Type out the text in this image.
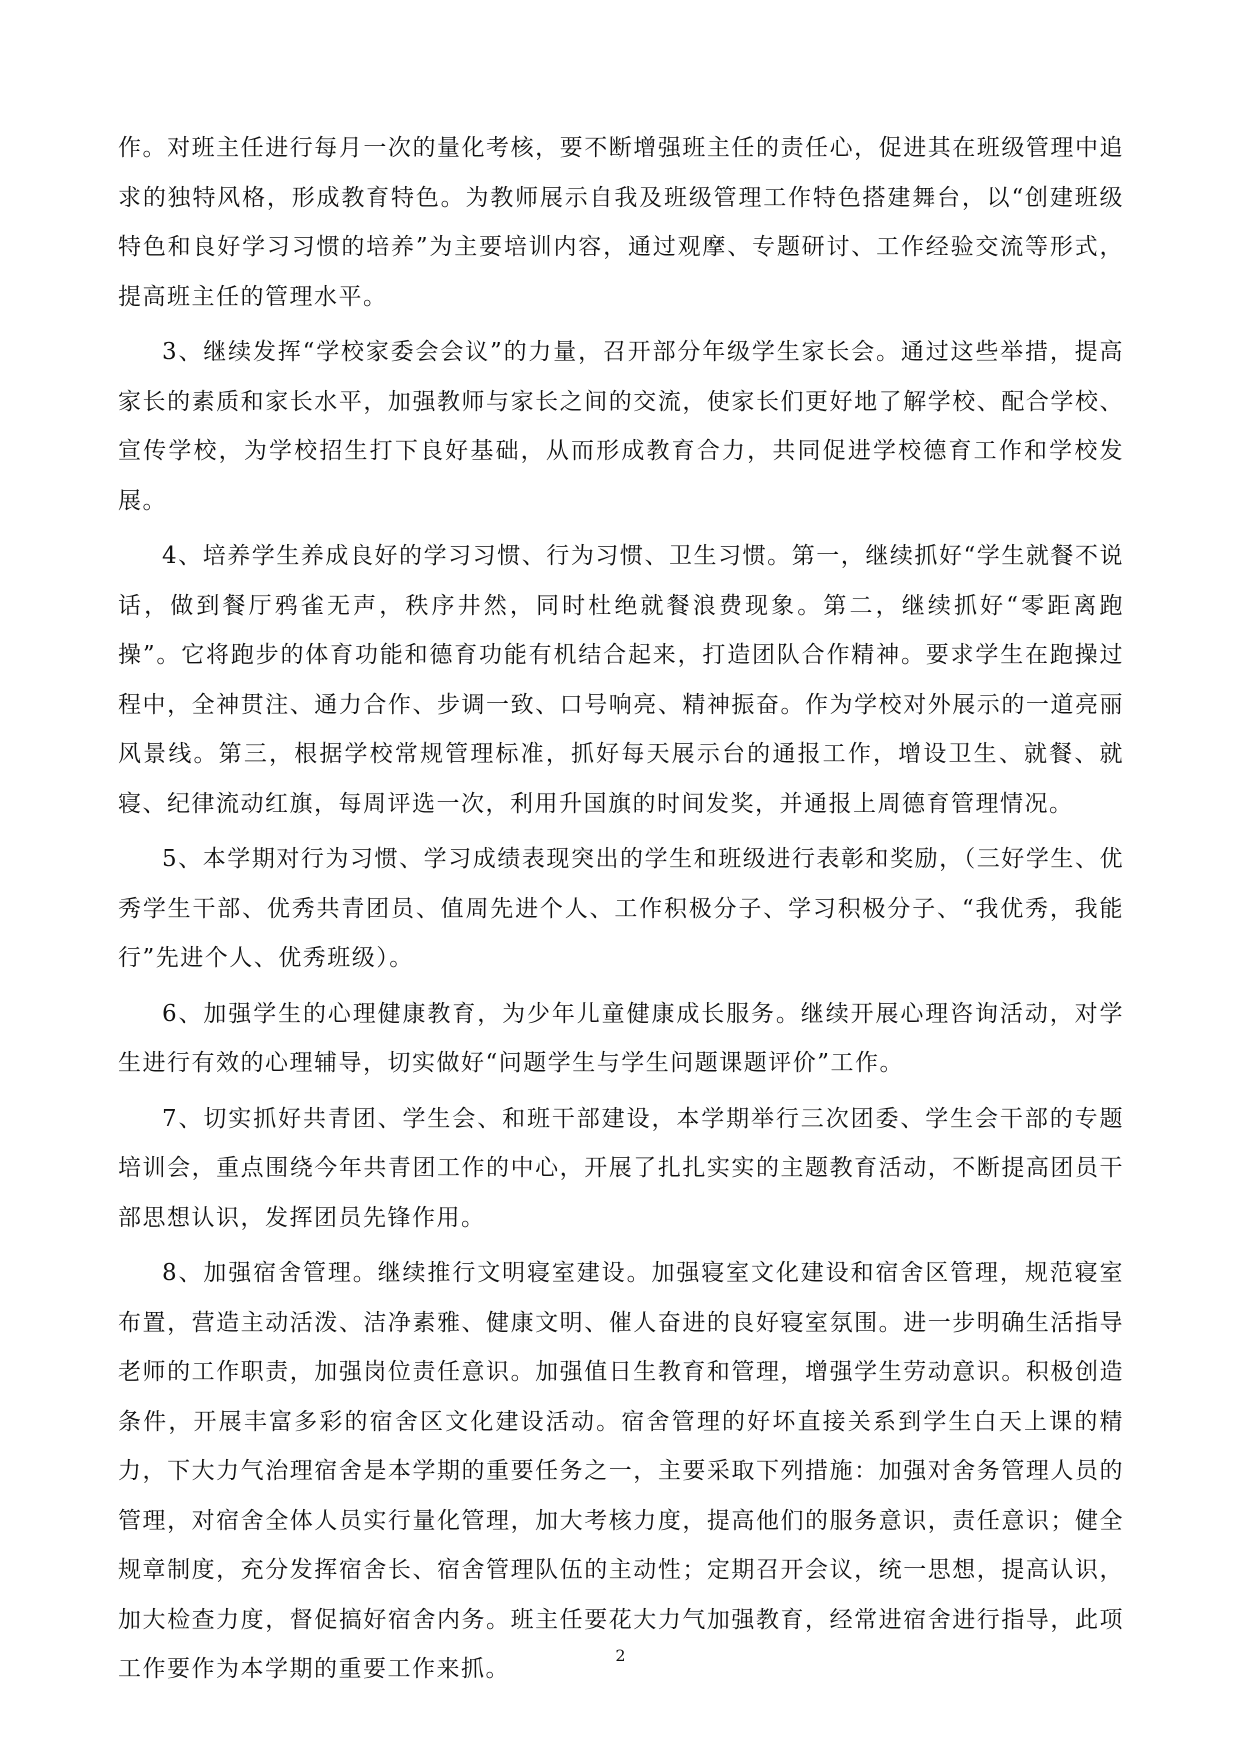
作。对班主任进行每月一次的量化考核，要不断增强班主任的责任心，促进其在班级管理中追求的独特风格，形成教育特色。为教师展示自我及班级管理工作特色搭建舞台，以“创建班级特色和良好学习习惯的培养”为主要培训内容，通过观摩、专题研讨、工作经验交流等形式，提高班主任的管理水平。

3、继续发挥“学校家委会会议”的力量，召开部分年级学生家长会。通过这些举措，提高家长的素质和家长水平，加强教师与家长之间的交流，使家长们更好地了解学校、配合学校、宣传学校，为学校招生打下良好基础，从而形成教育合力，共同促进学校德育工作和学校发展。

4、培养学生养成良好的学习习惯、行为习惯、卫生习惯。第一，继续抓好“学生就餐不说话，做到餐厅鸦雀无声，秩序井然，同时杜绝就餐浪费现象。第二，继续抓好“零距离跑操”。它将跑步的体育功能和德育功能有机结合起来，打造团队合作精神。要求学生在跑操过程中，全神贯注、通力合作、步调一致、口号响亮、精神振奋。作为学校对外展示的一道亮丽风景线。第三，根据学校常规管理标准，抓好每天展示台的通报工作，增设卫生、就餐、就寝、纪律流动红旗，每周评选一次，利用升国旗的时间发奖，并通报上周德育管理情况。

5、本学期对行为习惯、学习成绩表现突出的学生和班级进行表彰和奖励，（三好学生、优秀学生干部、优秀共青团员、值周先进个人、工作积极分子、学习积极分子、“我优秀，我能行”先进个人、优秀班级）。

6、加强学生的心理健康教育，为少年儿童健康成长服务。继续开展心理咨询活动，对学生进行有效的心理辅导，切实做好“问题学生与学生问题课题评价”工作。

7、切实抓好共青团、学生会、和班干部建设，本学期举行三次团委、学生会干部的专题培训会，重点围绕今年共青团工作的中心，开展了扎扎实实的主题教育活动，不断提高团员干部思想认识，发挥团员先锋作用。

8、加强宿舍管理。继续推行文明寝室建设。加强寝室文化建设和宿舍区管理，规范寝室布置，营造主动活泼、洁净素雅、健康文明、催人奋进的良好寝室氛围。进一步明确生活指导老师的工作职责，加强岗位责任意识。加强值日生教育和管理，增强学生劳动意识。积极创造条件，开展丰富多彩的宿舍区文化建设活动。宿舍管理的好坏直接关系到学生白天上课的精力，下大力气治理宿舍是本学期的重要任务之一，主要采取下列措施：加强对舍务管理人员的管理，对宿舍全体人员实行量化管理，加大考核力度，提高他们的服务意识，责任意识；健全规章制度，充分发挥宿舍长、宿舍管理队伍的主动性；定期召开会议，统一思想，提高认识，加大检查力度，督促搞好宿舍内务。班主任要花大力气加强教育，经常进宿舍进行指导，此项工作要作为本学期的重要工作来抓。

2
